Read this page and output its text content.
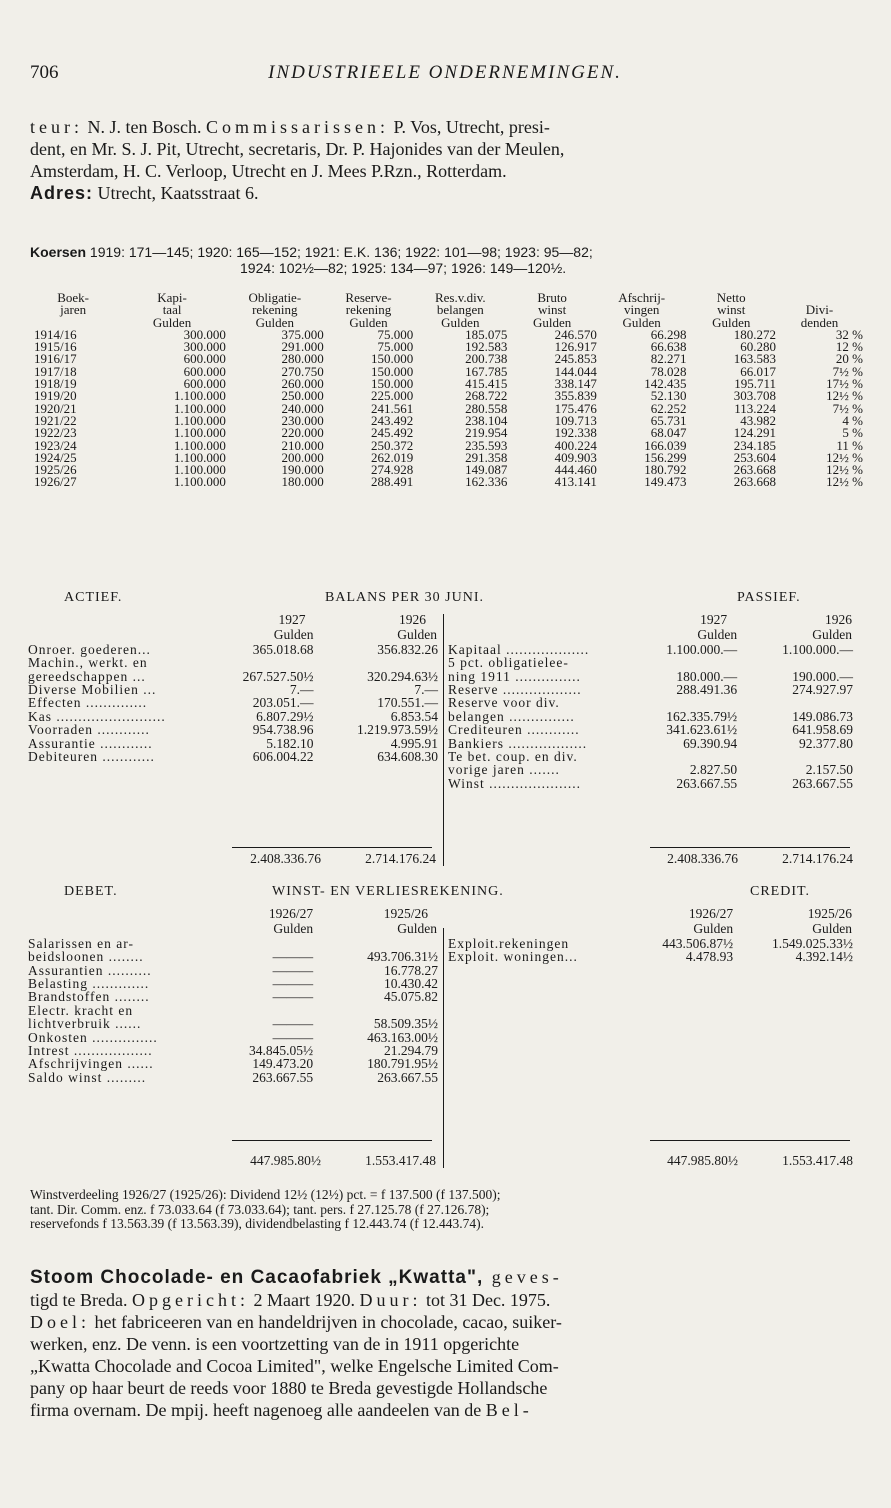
706	INDUSTRIEELE ONDERNEMINGEN.
teur: N. J. ten Bosch. Commissarissen: P. Vos, Utrecht, presi-
dent, en Mr. S. J. Pit, Utrecht, secretaris, Dr. P. Hajonides van der Meulen,
Amsterdam, H. C. Verloop, Utrecht en J. Mees P.Rzn., Rotterdam.
Adres: Utrecht, Kaatsstraat 6.
Koersen 1919: 171—145; 1920: 165—152; 1921: E.K. 136; 1922: 101—98; 1923: 95—82;
1924: 102½—82; 1925: 134—97; 1926: 149—120½.
Boek-	Kapi-	Obligatie-	Reserve-	Res.v.div.	Bruto	Afschrij-	Netto	
jaren	taal	rekening	rekening	belangen	winst	vingen	winst	Divi-
	Gulden	Gulden	Gulden	Gulden	Gulden	Gulden	Gulden	denden
1914/16	300.000	375.000	75.000	185.075	246.570	66.298	180.272	32 %
1915/16	300.000	291.000	75.000	192.583	126.917	66.638	60.280	12 %
1916/17	600.000	280.000	150.000	200.738	245.853	82.271	163.583	20 %
1917/18	600.000	270.750	150.000	167.785	144.044	78.028	66.017	7½ %
1918/19	600.000	260.000	150.000	415.415	338.147	142.435	195.711	17½ %
1919/20	1.100.000	250.000	225.000	268.722	355.839	52.130	303.708	12½ %
1920/21	1.100.000	240.000	241.561	280.558	175.476	62.252	113.224	7½ %
1921/22	1.100.000	230.000	243.492	238.104	109.713	65.731	43.982	4 %
1922/23	1.100.000	220.000	245.492	219.954	192.338	68.047	124.291	5 %
1923/24	1.100.000	210.000	250.372	235.593	400.224	166.039	234.185	11 %
1924/25	1.100.000	200.000	262.019	291.358	409.903	156.299	253.604	12½ %
1925/26	1.100.000	190.000	274.928	149.087	444.460	180.792	263.668	12½ %
1926/27	1.100.000	180.000	288.491	162.336	413.141	149.473	263.668	12½ %
ACTIEF.	BALANS PER 30 JUNI.	PASSIEF.
	1927	1926
	Gulden	Gulden
Onroer. goederen...	365.018.68	356.832.26
Machin., werkt. en		
gereedschappen ...	267.527.50½	320.294.63½
Diverse Mobilien ...	7.—	7.—
Effecten ..............	203.051.—	170.551.—
Kas .........................	6.807.29½	6.853.54
Voorraden ............	954.738.96	1.219.973.59½
Assurantie ............	5.182.10	4.995.91
Debiteuren ............	606.004.22	634.608.30
	1927	1926
	Gulden	Gulden
Kapitaal ...................	1.100.000.—	1.100.000.—
5 pct. obligatielee-		
ning 1911 ...............	180.000.—	190.000.—
Reserve ..................	288.491.36	274.927.97
Reserve voor div.		
belangen ...............	162.335.79½	149.086.73
Crediteuren ............	341.623.61½	641.958.69
Bankiers ..................	69.390.94	92.377.80
Te bet. coup. en div.		
vorige jaren .......	2.827.50	2.157.50
Winst .....................	263.667.55	263.667.55
2.408.336.76	2.714.176.24	2.408.336.76	2.714.176.24
DEBET.	WINST- EN VERLIESREKENING.	CREDIT.
	1926/27	1925/26
	Gulden	Gulden
Salarissen en ar-		
beidsloonen ........	———	493.706.31½
Assurantien ..........	———	16.778.27
Belasting .............	———	10.430.42
Brandstoffen ........	———	45.075.82
Electr. kracht en		
lichtverbruik ......	———	58.509.35½
Onkosten ...............	———	463.163.00½
Intrest ..................	34.845.05½	21.294.79
Afschrijvingen ......	149.473.20	180.791.95½
Saldo winst .........	263.667.55	263.667.55
	1926/27	1925/26
	Gulden	Gulden
Exploit.rekeningen	443.506.87½	1.549.025.33½
Exploit. woningen...	4.478.93	4.392.14½
447.985.80½	1.553.417.48	447.985.80½	1.553.417.48
Winstverdeeling 1926/27 (1925/26): Dividend 12½ (12½) pct. = f 137.500 (f 137.500);
tant. Dir. Comm. enz. f 73.033.64 (f 73.033.64); tant. pers. f 27.125.78 (f 27.126.78);
reservefonds f 13.563.39 (f 13.563.39), dividendbelasting f 12.443.74 (f 12.443.74).
Stoom Chocolade- en Cacaofabriek „Kwatta", geves-
tigd te Breda. Opgericht: 2 Maart 1920. Duur: tot 31 Dec. 1975.
Doel: het fabriceeren van en handeldrijven in chocolade, cacao, suiker-
werken, enz. De venn. is een voortzetting van de in 1911 opgerichte
„Kwatta Chocolade and Cocoa Limited", welke Engelsche Limited Com-
pany op haar beurt de reeds voor 1880 te Breda gevestigde Hollandsche
firma overnam. De mpij. heeft nagenoeg alle aandeelen van de Bel-
